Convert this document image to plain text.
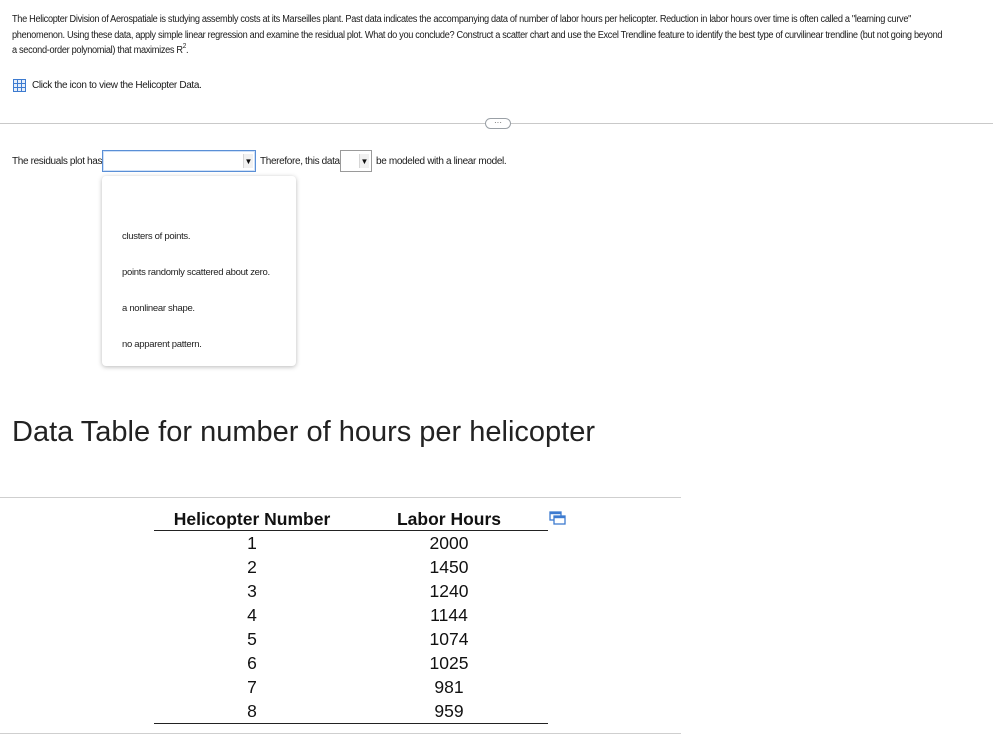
The Helicopter Division of Aerospatiale is studying assembly costs at its Marseilles plant. Past data indicates the accompanying data of number of labor hours per helicopter. Reduction in labor hours over time is often called a "learning curve"
phenomenon. Using these data, apply simple linear regression and examine the residual plot. What do you conclude? Construct a scatter chart and use the Excel Trendline feature to identify the best type of curvilinear trendline (but not going beyond
a second-order polynomial) that maximizes $R^2$.
Click the icon to view the Helicopter Data.
···
The residuals plot has	▼ Therefore, this data	▼ be modeled with a linear model.
clusters of points.
points randomly scattered about zero.
a nonlinear shape.
no apparent pattern.
Data Table for number of hours per helicopter
Helicopter Number	Labor Hours
1	2000
2	1450
3	1240
4	1144
5	1074
6	1025
7	981
8	959
